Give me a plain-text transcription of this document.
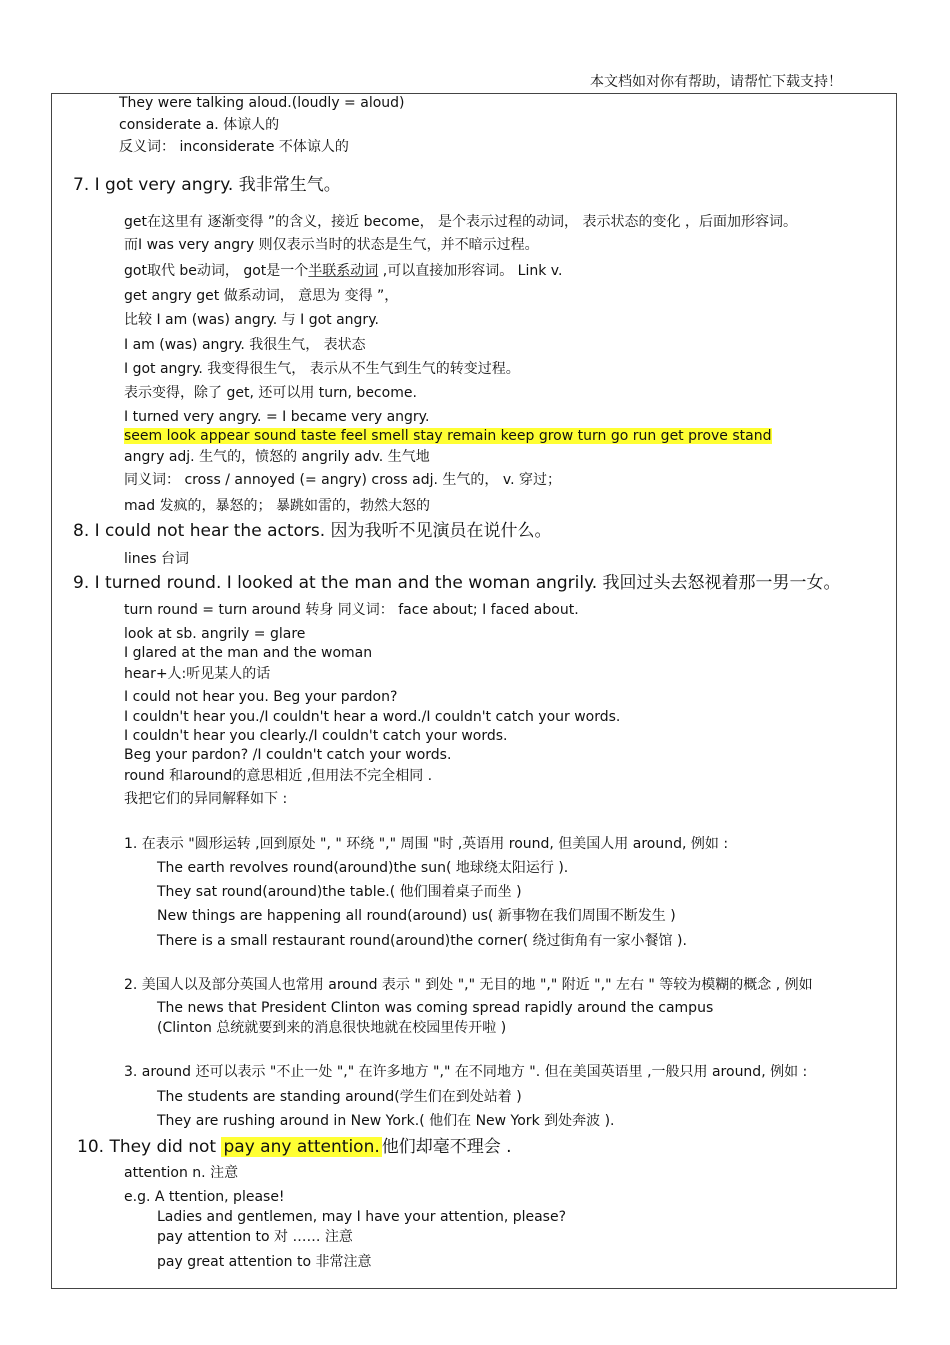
本文档如对你有帮助，请帮忙下载支持！
They were talking aloud.(loudly = aloud)
considerate a. 体谅人的
反义词： inconsiderate 不体谅人的
7. I got very angry. 我非常生气。
get在这里有 逐渐变得 ”的含义，接近 become， 是个表示过程的动词， 表示状态的变化 ，后面加形容词。
而I was very angry 则仅表示当时的状态是生气，并不暗示过程。
got取代 be动词， got是一个半联系动词 ,可以直接加形容词。 Link v.
get angry get 做系动词， 意思为 变得 ”，
比较 I am (was) angry. 与 I got angry.
I am (was) angry. 我很生气， 表状态
I got angry. 我变得很生气， 表示从不生气到生气的转变过程。
表示变得，除了 get, 还可以用 turn, become.
I turned very angry. = I became very angry.
seem look appear sound taste feel smell stay remain keep grow turn go run get prove stand
angry adj. 生气的，愤怒的 angrily adv. 生气地
同义词： cross / annoyed (= angry) cross adj. 生气的， v. 穿过；
mad 发疯的，暴怒的； 暴跳如雷的，勃然大怒的
8. I could not hear the actors. 因为我听不见演员在说什么。
lines 台词
9. I turned round. I looked at the man and the woman angrily. 我回过头去怒视着那一男一女。
turn round = turn around 转身 同义词： face about; I faced about.
look at sb. angrily = glare
I glared at the man and the woman
hear+人:听见某人的话
I could not hear you. Beg your pardon?
I couldn't hear you./I couldn't hear a word./I couldn't catch your words.
I couldn't hear you clearly./I couldn't catch your words.
Beg your pardon? /I couldn't catch your words.
round 和around的意思相近 ,但用法不完全相同 .
我把它们的异同解释如下 :
1. 在表示 "圆形运转 ,回到原处 ", " 环绕 "," 周围 "时 ,英语用 round, 但美国人用 around, 例如 :
The earth revolves round(around)the sun( 地球绕太阳运行 ).
They sat round(around)the table.( 他们围着桌子而坐 )
New things are happening all round(around) us( 新事物在我们周围不断发生 )
There is a small restaurant round(around)the corner( 绕过街角有一家小餐馆 ).
2. 美国人以及部分英国人也常用 around 表示 " 到处 "," 无目的地 "," 附近 "," 左右 " 等较为模糊的概念 , 例如
The news that President Clinton was coming spread rapidly around the campus
(Clinton 总统就要到来的消息很快地就在校园里传开啦 )
3. around 还可以表示 "不止一处 "," 在许多地方 "," 在不同地方 ". 但在美国英语里 ,一般只用 around, 例如 :
The students are standing around(学生们在到处站着 )
They are rushing around in New York.( 他们在 New York 到处奔波 ).
10. They did not pay any attention. 他们却毫不理会 .
attention n. 注意
e.g. A ttention, please!
Ladies and gentlemen, may I have your attention, please?
pay attention to 对 …… 注意
pay great attention to 非常注意
